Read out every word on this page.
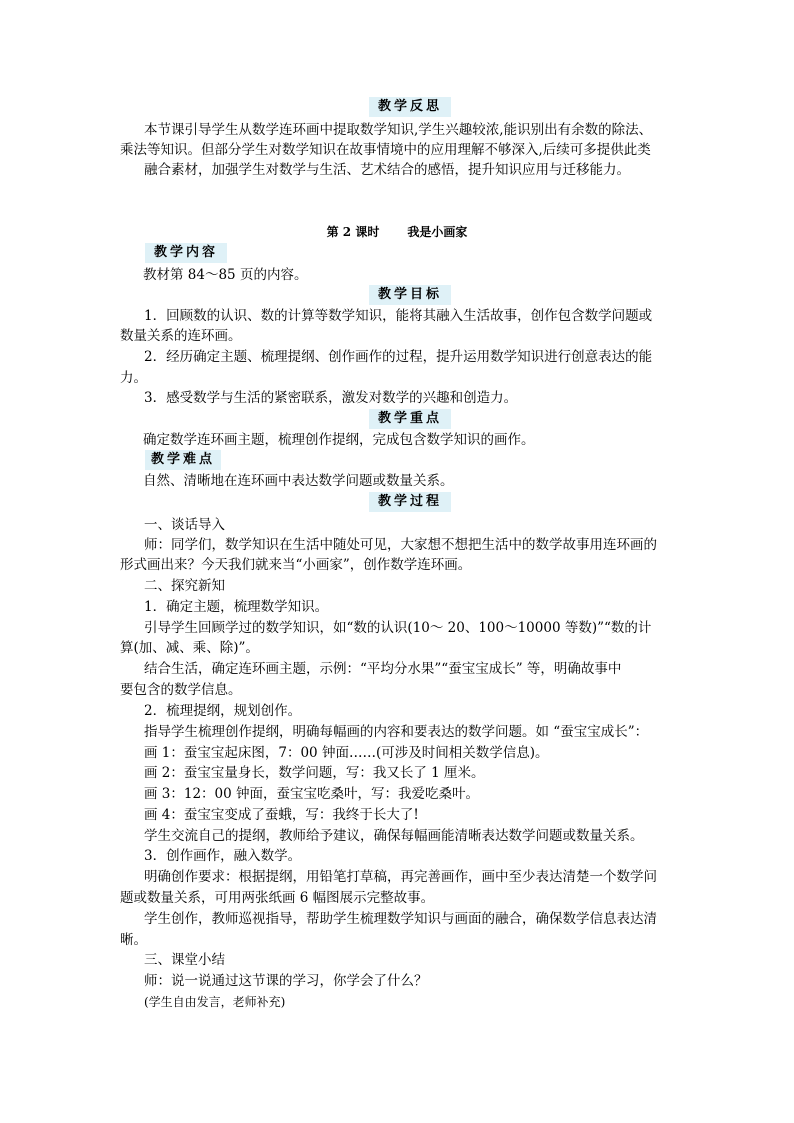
教学反思
本节课引导学生从数学连环画中提取数学知识,学生兴趣较浓,能识别出有余数的除法、
乘法等知识。但部分学生对数学知识在故事情境中的应用理解不够深入,后续可多提供此类
融合素材，加强学生对数学与生活、艺术结合的感悟，提升知识应用与迁移能力。
第 2 课时 我是小画家
教学内容
教材第 84～85 页的内容。
教学目标
1．回顾数的认识、数的计算等数学知识，能将其融入生活故事，创作包含数学问题或
数量关系的连环画。
2．经历确定主题、梳理提纲、创作画作的过程，提升运用数学知识进行创意表达的能
力。
3．感受数学与生活的紧密联系，激发对数学的兴趣和创造力。
教学重点
确定数学连环画主题，梳理创作提纲，完成包含数学知识的画作。
教学难点
自然、清晰地在连环画中表达数学问题或数量关系。
教学过程
一、谈话导入
师：同学们，数学知识在生活中随处可见，大家想不想把生活中的数学故事用连环画的
形式画出来？今天我们就来当“小画家”，创作数学连环画。
二、探究新知
1．确定主题，梳理数学知识。
引导学生回顾学过的数学知识，如“数的认识(10～ 20、100～10000 等数)”“数的计
算(加、减、乘、除)”。
结合生活，确定连环画主题，示例：“平均分水果”“蚕宝宝成长” 等，明确故事中
要包含的数学信息。
2．梳理提纲，规划创作。
指导学生梳理创作提纲，明确每幅画的内容和要表达的数学问题。如 “蚕宝宝成长”：
画 1：蚕宝宝起床图，7：00 钟面……(可涉及时间相关数学信息)。
画 2：蚕宝宝量身长，数学问题，写：我又长了 1 厘米。
画 3：12：00 钟面，蚕宝宝吃桑叶，写：我爱吃桑叶。
画 4：蚕宝宝变成了蚕蛾，写：我终于长大了!
学生交流自己的提纲，教师给予建议，确保每幅画能清晰表达数学问题或数量关系。
3．创作画作，融入数学。
明确创作要求：根据提纲，用铅笔打草稿，再完善画作，画中至少表达清楚一个数学问
题或数量关系，可用两张纸画 6 幅图展示完整故事。
学生创作，教师巡视指导，帮助学生梳理数学知识与画面的融合，确保数学信息表达清
晰。
三、课堂小结
师：说一说通过这节课的学习，你学会了什么？
(学生自由发言，老师补充)
